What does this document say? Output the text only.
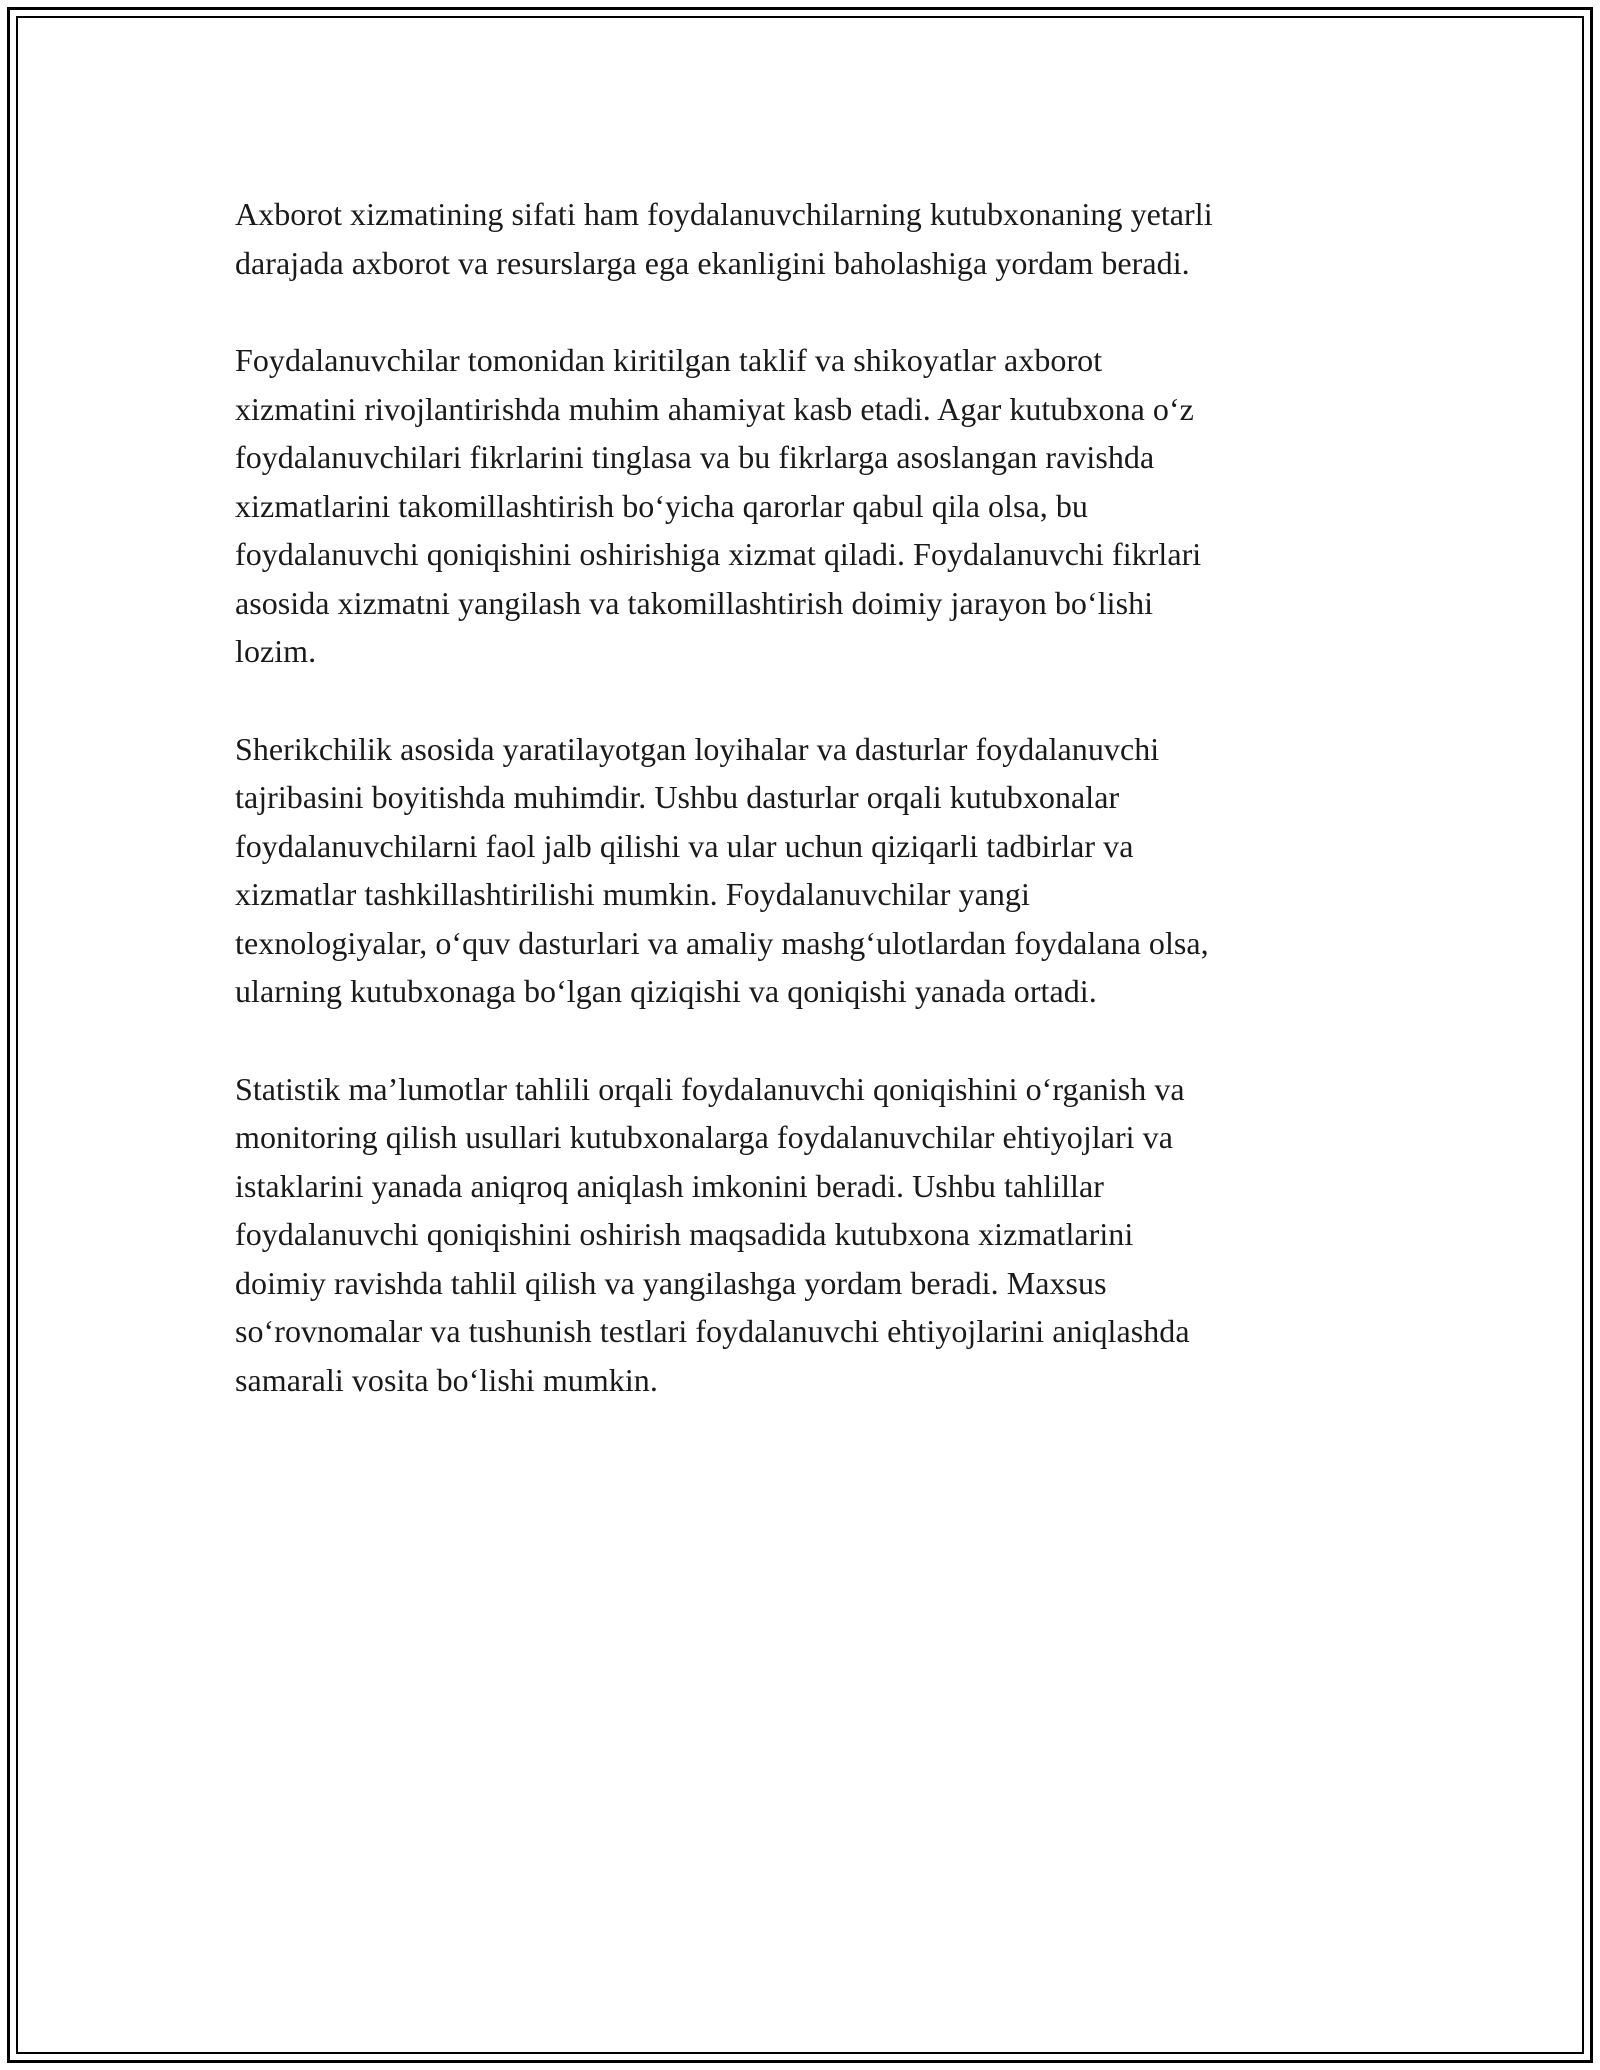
Axborot xizmatining sifati ham foydalanuvchilarning kutubxonaning yetarli
darajada axborot va resurslarga ega ekanligini baholashiga yordam beradi.

Foydalanuvchilar tomonidan kiritilgan taklif va shikoyatlar axborot
xizmatini rivojlantirishda muhim ahamiyat kasb etadi. Agar kutubxona o‘z
foydalanuvchilari fikrlarini tinglasa va bu fikrlarga asoslangan ravishda
xizmatlarini takomillashtirish bo‘yicha qarorlar qabul qila olsa, bu
foydalanuvchi qoniqishini oshirishiga xizmat qiladi. Foydalanuvchi fikrlari
asosida xizmatni yangilash va takomillashtirish doimiy jarayon bo‘lishi
lozim.

Sherikchilik asosida yaratilayotgan loyihalar va dasturlar foydalanuvchi
tajribasini boyitishda muhimdir. Ushbu dasturlar orqali kutubxonalar
foydalanuvchilarni faol jalb qilishi va ular uchun qiziqarli tadbirlar va
xizmatlar tashkillashtirilishi mumkin. Foydalanuvchilar yangi
texnologiyalar, o‘quv dasturlari va amaliy mashg‘ulotlardan foydalana olsa,
ularning kutubxonaga bo‘lgan qiziqishi va qoniqishi yanada ortadi.

Statistik ma’lumotlar tahlili orqali foydalanuvchi qoniqishini o‘rganish va
monitoring qilish usullari kutubxonalarga foydalanuvchilar ehtiyojlari va
istaklarini yanada aniqroq aniqlash imkonini beradi. Ushbu tahlillar
foydalanuvchi qoniqishini oshirish maqsadida kutubxona xizmatlarini
doimiy ravishda tahlil qilish va yangilashga yordam beradi. Maxsus
so‘rovnomalar va tushunish testlari foydalanuvchi ehtiyojlarini aniqlashda
samarali vosita bo‘lishi mumkin.
